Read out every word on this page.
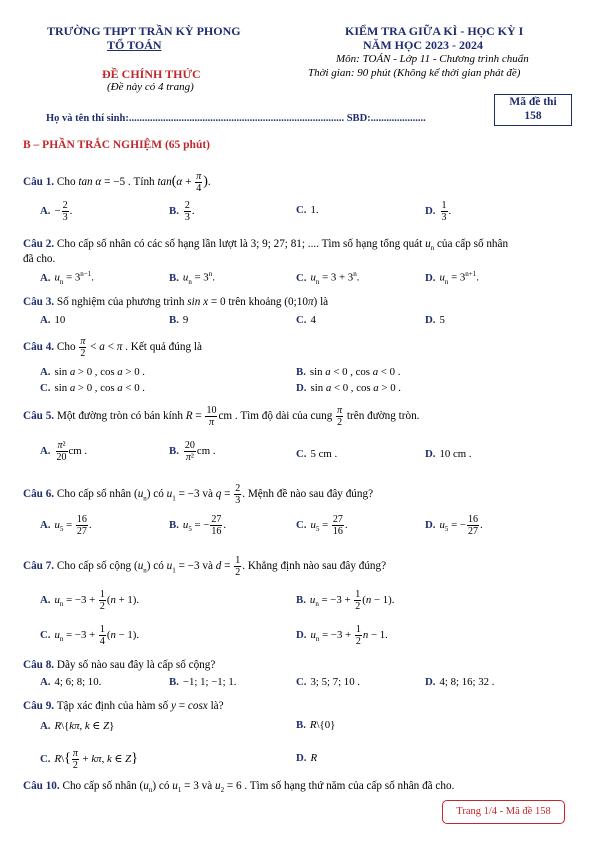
TRƯỜNG THPT TRẦN KỲ PHONG
TỔ TOÁN
ĐỀ CHÍNH THỨC
(Đề này có 4 trang)
KIỂM TRA GIỮA KÌ - HỌC KỲ I
NĂM HỌC 2023 - 2024
Môn: TOÁN - Lớp 11 - Chương trình chuẩn
Thời gian: 90 phút (Không kể thời gian phát đề)
Họ và tên thí sinh:.................................................................................. SBD:.....................
Mã đề thi
158
B – PHẦN TRẮC NGHIỆM (65 phút)
Câu 1. Cho tan α = −5 . Tính $\tan(\alpha + \frac{\pi}{4}$ ).
A. − $\frac{2}{3}$ .	B. $\frac{2}{3}$ .	C. 1.	D. $\frac{1}{3}$ .
Câu 2. Cho cấp số nhân có các số hạng lần lượt là 3; 9; 27; 81; .... Tìm số hạng tổng quát $u_n$ của cấp số nhân
đã cho.
A. $u_n = 3^{n-1}$.	B. $u_n = 3^n$.	C. $u_n = 3 + 3^n$.	D. $u_n = 3^{n+1}$.
Câu 3. Số nghiệm của phương trình sin x = 0 trên khoảng (0;10π) là
A. 10	B. 9	C. 4	D. 5
Câu 4. Cho $\frac{\pi}{2} < a < \pi$ . Kết quả đúng là
A. sin a > 0 , cos a > 0 .	B. sin a < 0 , cos a < 0 .
C. sin a > 0 , cos a < 0 .	D. sin a < 0 , cos a > 0 .
Câu 5. Một đường tròn có bán kính $R = \frac{10}{\pi}$ cm . Tìm độ dài của cung $\frac{\pi}{2}$ trên đường tròn.
A. $\frac{\text{π²}}{20}$ cm .	B. $\frac{20}{\text{π²}}$ cm .	C. 5 cm .	D. 10 cm .
Câu 6. Cho cấp số nhân $(u_n)$ có $u_1 = -3$ và $q = \frac{2}{3}$ . Mệnh đề nào sau đây đúng?
A. $u_5 = \frac{16}{27}$ .	B. $u_5$ = − $\frac{27}{16}$ .	C. $u_5 = \frac{27}{16}$ .	D. $u_5$ = − $\frac{16}{27}$ .
Câu 7. Cho cấp số cộng $(u_n)$ có $u_1 = -3$ và $d = \frac{1}{2}$ . Khẳng định nào sau đây đúng?
A. $u_n = -3 + \frac{1}{2} (n + 1)$.	B. $u_n = -3 + \frac{1}{2} (n - 1)$.
C. $u_n = -3 + \frac{1}{4} (n - 1)$.	D. $u_n = -3 + \frac{1}{2}$ n − 1.
Câu 8. Dãy số nào sau đây là cấp số cộng?
A. 4; 6; 8; 10.	B. −1; 1; −1; 1.	C. 3; 5; 7; 10 .	D. 4; 8; 16; 32 .
Câu 9. Tập xác định của hàm số y = cosx là?
A. R\{kπ, k ∈ Z}	B. R\{0}
C. R\{ $\frac{\pi}{2} + k\pi$, k ∈ Z}	D. R
Câu 10. Cho cấp số nhân $(u_n)$ có $u_1 = 3$ và $u_2 = 6$ . Tìm số hạng thứ năm của cấp số nhân đã cho.
Trang 1/4 - Mã đề 158
